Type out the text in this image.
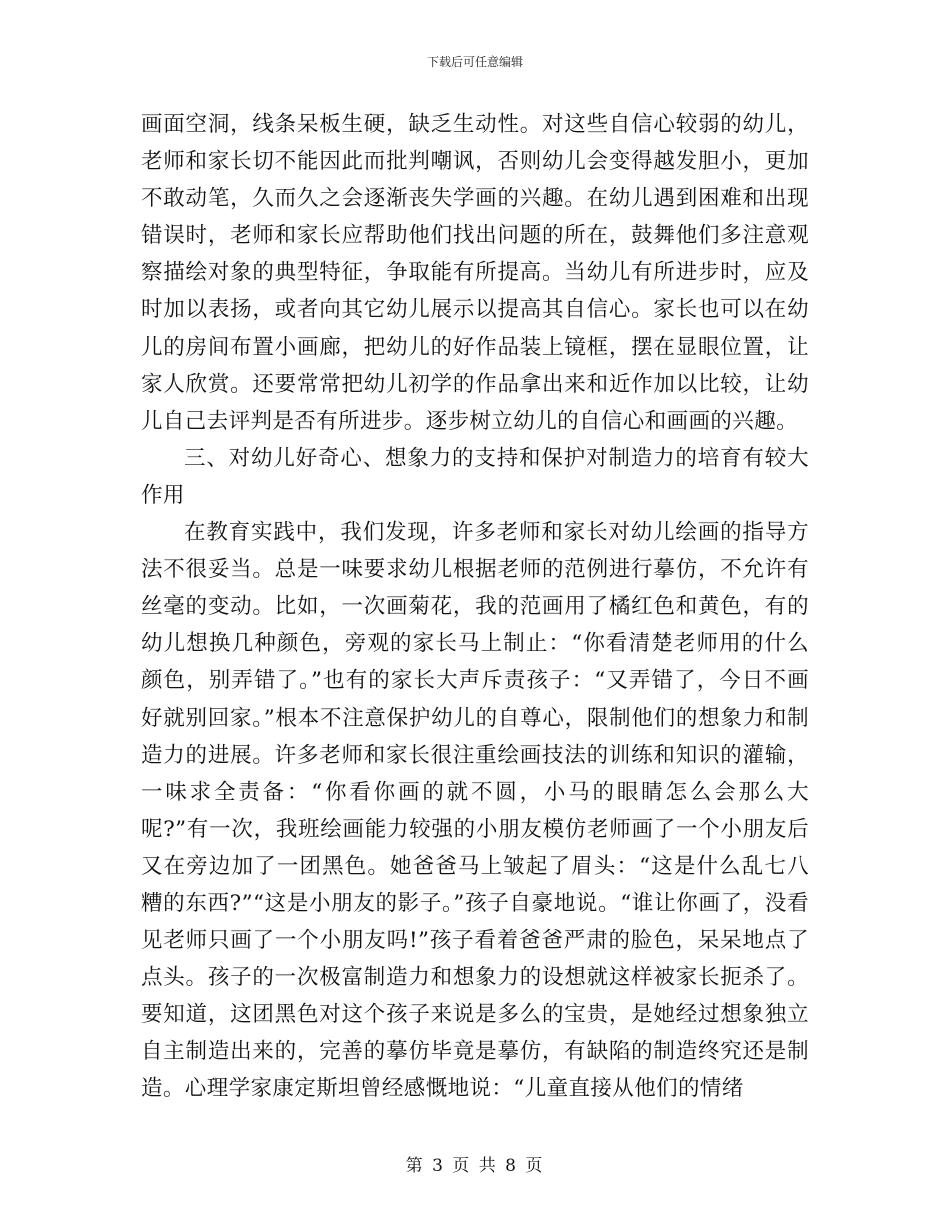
下载后可任意编辑

画面空洞，线条呆板生硬，缺乏生动性。对这些自信心较弱的幼儿，老师和家长切不能因此而批判嘲讽，否则幼儿会变得越发胆小，更加不敢动笔，久而久之会逐渐丧失学画的兴趣。在幼儿遇到困难和出现错误时，老师和家长应帮助他们找出问题的所在，鼓舞他们多注意观察描绘对象的典型特征，争取能有所提高。当幼儿有所进步时，应及时加以表扬，或者向其它幼儿展示以提高其自信心。家长也可以在幼儿的房间布置小画廊，把幼儿的好作品装上镜框，摆在显眼位置，让家人欣赏。还要常常把幼儿初学的作品拿出来和近作加以比较，让幼儿自己去评判是否有所进步。逐步树立幼儿的自信心和画画的兴趣。

三、对幼儿好奇心、想象力的支持和保护对制造力的培育有较大作用

在教育实践中，我们发现，许多老师和家长对幼儿绘画的指导方法不很妥当。总是一味要求幼儿根据老师的范例进行摹仿，不允许有丝毫的变动。比如，一次画菊花，我的范画用了橘红色和黄色，有的幼儿想换几种颜色，旁观的家长马上制止：“你看清楚老师用的什么颜色，别弄错了。”也有的家长大声斥责孩子：“又弄错了，今日不画好就别回家。”根本不注意保护幼儿的自尊心，限制他们的想象力和制造力的进展。许多老师和家长很注重绘画技法的训练和知识的灌输，一味求全责备：“你看你画的就不圆，小马的眼睛怎么会那么大呢?”有一次，我班绘画能力较强的小朋友模仿老师画了一个小朋友后又在旁边加了一团黑色。她爸爸马上皱起了眉头：“这是什么乱七八糟的东西?”“这是小朋友的影子。”孩子自豪地说。“谁让你画了，没看见老师只画了一个小朋友吗!”孩子看着爸爸严肃的脸色，呆呆地点了点头。孩子的一次极富制造力和想象力的设想就这样被家长扼杀了。要知道，这团黑色对这个孩子来说是多么的宝贵，是她经过想象独立自主制造出来的，完善的摹仿毕竟是摹仿，有缺陷的制造终究还是制造。心理学家康定斯坦曾经感慨地说：“儿童直接从他们的情绪

第 3 页 共 8 页
